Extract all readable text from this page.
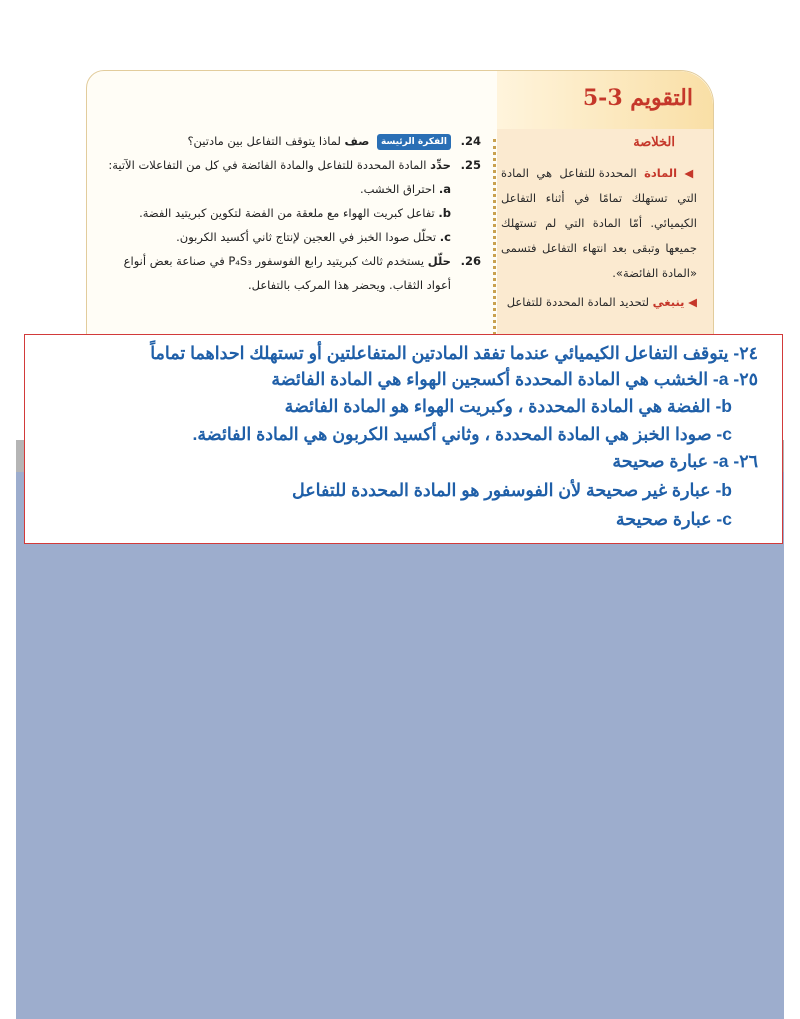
التقويم 3-5
الخلاصة

◀ المادة المحددة للتفاعل هي المادة التي تستهلك تمامًا في أثناء التفاعل الكيميائي. أمّا المادة التي لم تستهلك جميعها وتبقى بعد انتهاء التفاعل فتسمى «المادة الفائضة».

◀ ينبغي لتحديد المادة المحددة للتفاعل

24. الفكرة الرئيسة صف لماذا يتوقف التفاعل بين مادتين؟
25. حدِّد المادة المحددة للتفاعل والمادة الفائضة في كل من التفاعلات الآتية:
a. احتراق الخشب.
b. تفاعل كبريت الهواء مع ملعقة من الفضة لتكوين كبريتيد الفضة.
c. تحلّل صودا الخبز في العجين لإنتاج ثاني أكسيد الكربون.
26. حلّل يستخدم ثالث كبريتيد رابع الفوسفور P₄S₃ في صناعة بعض أنواع
أعواد الثقاب. ويحضر هذا المركب بالتفاعل.
٢٤- يتوقف التفاعل الكيميائي عندما تفقد المادتين المتفاعلتين أو تستهلك احداهما تماماً
٢٥- a- الخشب هي المادة المحددة أكسجين الهواء هي المادة الفائضة
b- الفضة هي المادة المحددة ، وكبريت الهواء هو المادة الفائضة
c- صودا الخبز هي المادة المحددة ، وثاني أكسيد الكربون هي المادة الفائضة.
٢٦- a- عبارة صحيحة
b- عبارة غير صحيحة لأن الفوسفور هو المادة المحددة للتفاعل
c- عبارة صحيحة
